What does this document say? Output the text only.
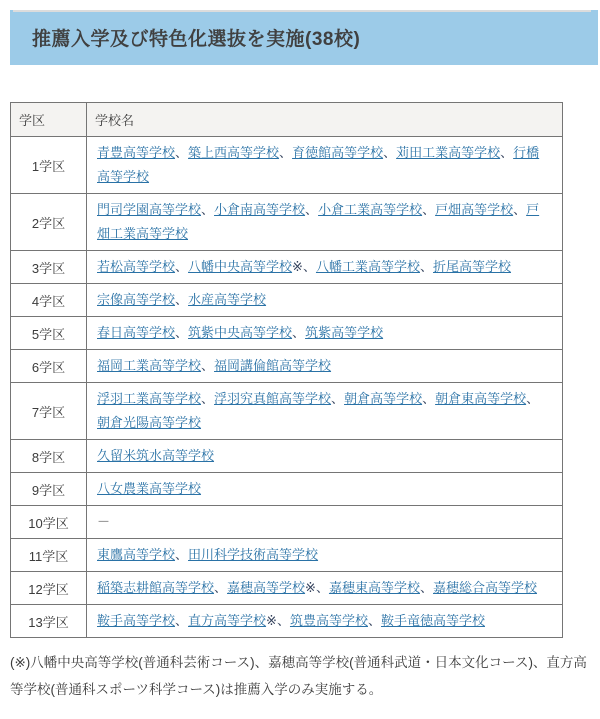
推薦入学及び特色化選抜を実施(38校)
学区	学校名
1学区	青豊高等学校、築上西高等学校、育徳館高等学校、苅田工業高等学校、行橋高等学校
2学区	門司学園高等学校、小倉南高等学校、小倉工業高等学校、戸畑高等学校、戸畑工業高等学校
3学区	若松高等学校、八幡中央高等学校※、八幡工業高等学校、折尾高等学校
4学区	宗像高等学校、水産高等学校
5学区	春日高等学校、筑紫中央高等学校、筑紫高等学校
6学区	福岡工業高等学校、福岡講倫館高等学校
7学区	浮羽工業高等学校、浮羽究真館高等学校、朝倉高等学校、朝倉東高等学校、朝倉光陽高等学校
8学区	久留米筑水高等学校
9学区	八女農業高等学校
10学区	－
11学区	東鷹高等学校、田川科学技術高等学校
12学区	稲築志耕館高等学校、嘉穂高等学校※、嘉穂東高等学校、嘉穂総合高等学校
13学区	鞍手高等学校、直方高等学校※、筑豊高等学校、鞍手竜徳高等学校

(※)八幡中央高等学校(普通科芸術コース)、嘉穂高等学校(普通科武道・日本文化コース)、直方高等学校(普通科スポーツ科学コース)は推薦入学のみ実施する。
